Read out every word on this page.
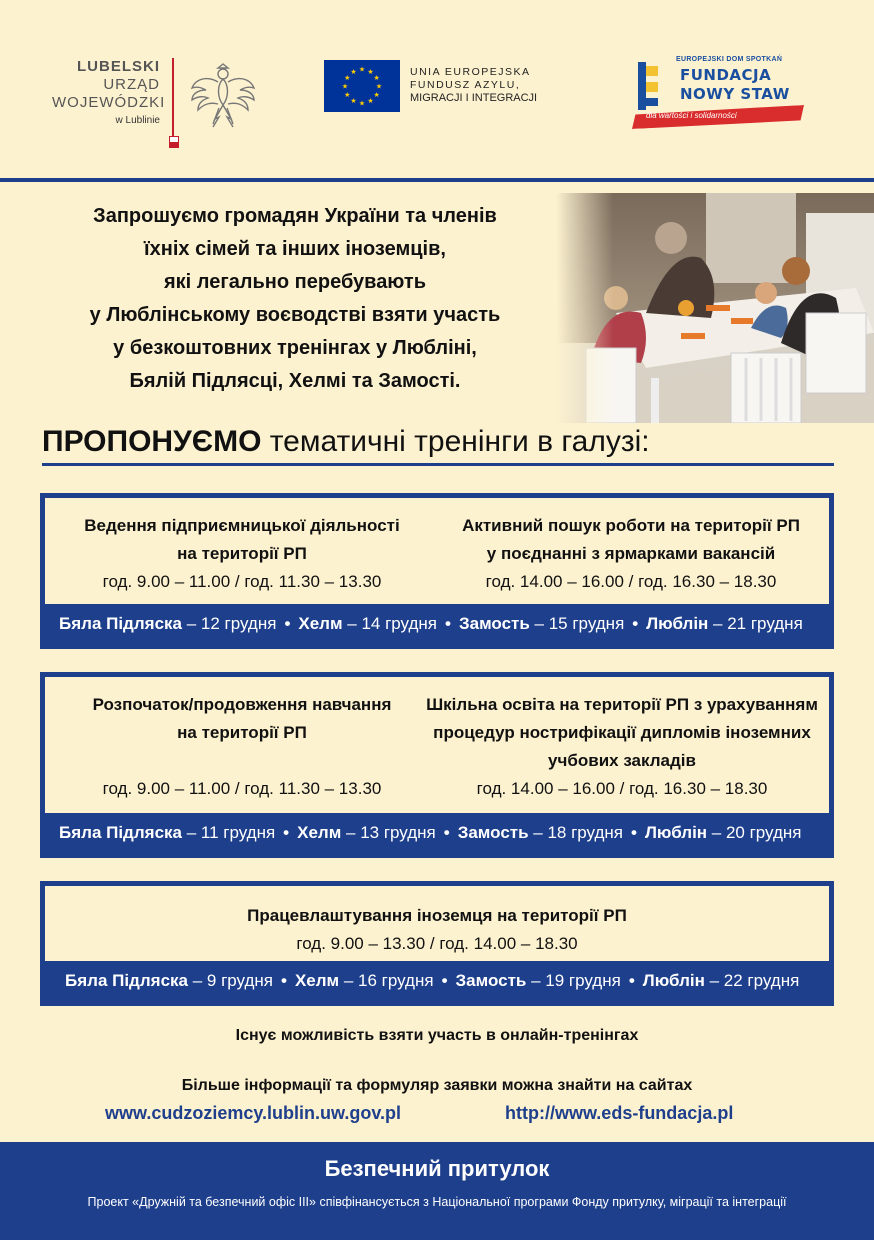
LUBELSKI
URZĄD
WOJEWÓDZKI
w Lublinie
★
★
★
★
★
★
★
★
★ ★ ★
★
UNIA EUROPEJSKA
FUNDUSZ AZYLU,
MIGRACJI I INTEGRACJI
EUROPEJSKI DOM SPOTKAŃ
FUNDACJA
NOWY STAW
dla wartości i solidarności
Запрошуємо громадян України та членів
їхніх сімей та інших іноземців,
які легально перебувають
у Люблінському воєводстві взяти участь
у безкоштовних тренінгах у Любліні,
Бялій Підлясці, Хелмі та Замості.
ПРОПОНУЄМО тематичні тренінги в галузі:
Ведення підприємницької діяльності
на території РП
год. 9.00 – 11.00 / год. 11.30 – 13.30
Активний пошук роботи на території РП
у поєднанні з ярмарками вакансій
год. 14.00 – 16.00 / год. 16.30 – 18.30
Бяла Підляска – 12 грудня • Хелм – 14 грудня • Замость – 15 грудня • Люблін – 21 грудня
Розпочаток/продовження навчання
на території РП
год. 9.00 – 11.00 / год. 11.30 – 13.30
Шкільна освіта на території РП з урахуванням
процедур нострифікації дипломів іноземних
учбових закладів
год. 14.00 – 16.00 / год. 16.30 – 18.30
Бяла Підляска – 11 грудня • Хелм – 13 грудня • Замость – 18 грудня • Люблін – 20 грудня
Працевлаштування іноземця на території РП
год. 9.00 – 13.30 / год. 14.00 – 18.30
Бяла Підляска – 9 грудня • Хелм – 16 грудня • Замость – 19 грудня • Люблін – 22 грудня
Існує можливість взяти участь в онлайн-тренінгах
Більше інформації та формуляр заявки можна знайти на сайтах
www.cudzoziemcy.lublin.uw.gov.pl	http://www.eds-fundacja.pl
Безпечний притулок
Проект «Дружній та безпечний офіс III» співфінансується з Національної програми Фонду притулку, міграції та інтеграції
